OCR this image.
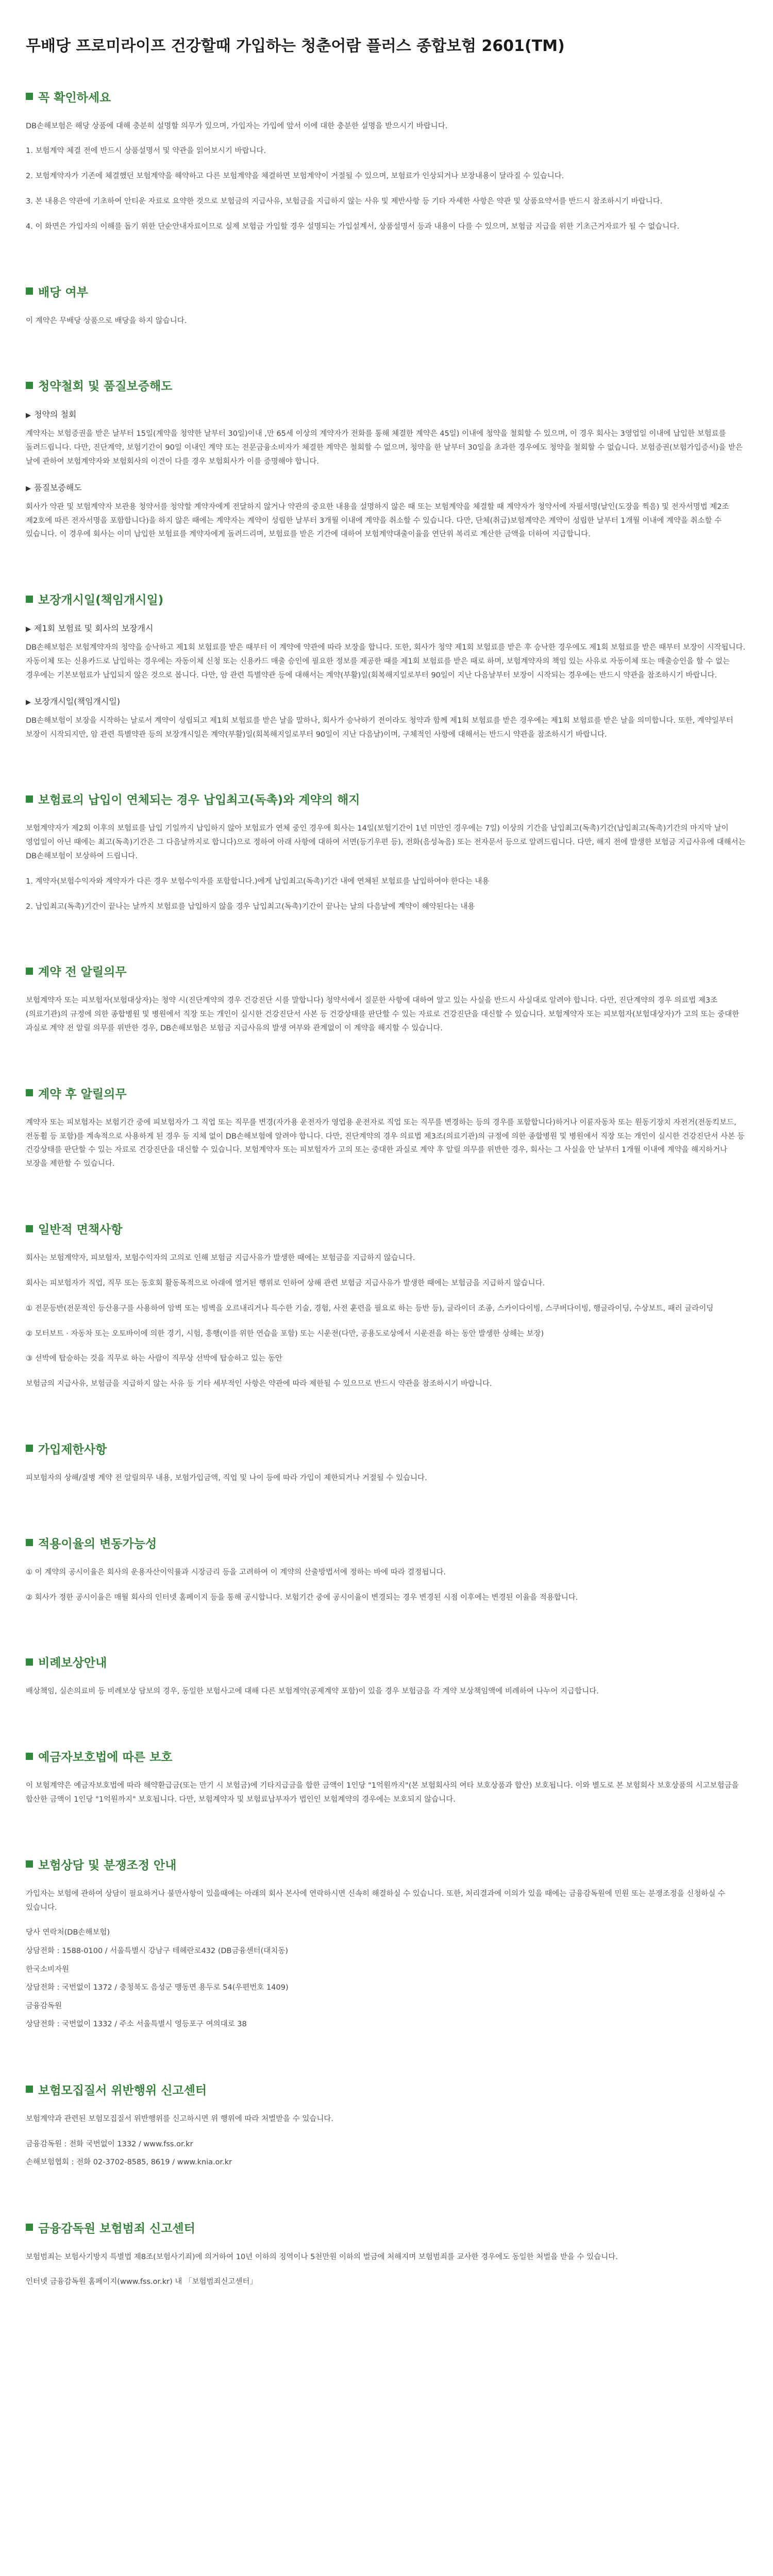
무배당 프로미라이프 건강할때 가입하는 청춘어람 플러스 종합보험 2601(TM)
꼭 확인하세요

DB손해보험은 해당 상품에 대해 충분히 설명할 의무가 있으며, 가입자는 가입에 앞서 이에 대한 충분한 설명을 받으시기 바랍니다.

1. 보험계약 체결 전에 반드시 상품설명서 및 약관을 읽어보시기 바랍니다.

2. 보험계약자가 기존에 체결했던 보험계약을 해약하고 다른 보험계약을 체결하면 보험계약이 거절될 수 있으며, 보험료가 인상되거나 보장내용이 달라질 수 있습니다.

3. 본 내용은 약관에 기초하여 안티운 자료로 요약한 것으로 보험금의 지급사유, 보험금을 지급하지 않는 사유 및 제반사항 등 기타 자세한 사항은 약관 및 상품요약서를 반드시 참조하시기 바랍니다.

4. 이 화면은 가입자의 이해를 돕기 위한 단순안내자료이므로 실제 보험금 가입할 경우 설명되는 가입설계서, 상품설명서 등과 내용이 다를 수 있으며, 보험금 지급을 위한 기초근거자료가 될 수 없습니다.

배당 여부

이 계약은 무배당 상품으로 배당을 하지 않습니다.

청약철회 및 품질보증해도
▶ 청약의 철회

계약자는 보험증권을 받은 날부터 15일(계약을 청약한 날부터 30일)이내 ,만 65세 이상의 계약자가 전화를 통해 체결한 계약은 45일) 이내에 청약을 철회할 수 있으며, 이 경우 회사는 3영업일 이내에 납입한 보험료를 돌려드립니다. 다만, 진단계약, 보험기간이 90일 이내인 계약 또는 전문금융소비자가 체결한 계약은 철회할 수 없으며, 청약을 한 날부터 30일을 초과한 경우에도 청약을 철회할 수 없습니다. 보험증권(보험가입증서)을 받은 날에 관하여 보험계약자와 보험회사의 이견이 다를 경우 보험회사가 이를 증명해야 합니다.

▶ 품질보증해도

회사가 약관 및 보험계약자 보관용 청약서를 청약할 계약자에게 전달하지 않거나 약관의 중요한 내용을 설명하지 않은 때 또는 보험계약을 체결할 때 계약자가 청약서에 자필서명(날인(도장을 찍음) 및 전자서명법 제2조 제2호에 따른 전자서명을 포함합니다)을 하지 않은 때에는 계약자는 계약이 성립한 날부터 3개월 이내에 계약을 취소할 수 있습니다. 다만, 단체(취급)보험계약은 계약이 성립한 날부터 1개월 이내에 계약을 취소할 수 있습니다. 이 경우에 회사는 이미 납입한 보험료를 계약자에게 돌려드리며, 보험료를 받은 기간에 대하여 보험계약대출이율을 연단위 복리로 계산한 금액을 더하여 지급합니다.

보장개시일(책임개시일)
▶ 제1회 보험료 및 회사의 보장개시

DB손해보험은 보험계약자의 청약을 승낙하고 제1회 보험료를 받은 때부터 이 계약에 약관에 따라 보장을 합니다. 또한, 회사가 청약 제1회 보험료를 받은 후 승낙한 경우에도 제1회 보험료를 받은 때부터 보장이 시작됩니다. 자동이체 또는 신용카드로 납입하는 경우에는 자동이체 신청 또는 신용카드 매출 승인에 필요한 정보를 제공한 때를 제1회 보험료를 받은 때로 하며, 보험계약자의 책임 있는 사유로 자동이체 또는 매출승인을 할 수 없는 경우에는 기본보험료가 납입되지 않은 것으로 봅니다. 다만, 암 관련 특별약관 등에 대해서는 계약(부활)일(회복해지일로부터 90일이 지난 다음날부터 보장이 시작되는 경우에는 반드시 약관을 참조하시기 바랍니다.

▶ 보장개시일(책임개시일)

DB손해보험이 보장을 시작하는 날로서 계약이 성립되고 제1회 보험료를 받은 날을 말하나, 회사가 승낙하기 전이라도 청약과 함께 제1회 보험료를 받은 경우에는 제1회 보험료를 받은 날을 의미합니다. 또한, 계약일부터 보장이 시작되지만, 암 관련 특별약관 등의 보장개시일은 계약(부활)일(회복해지일로부터 90일이 지난 다음날)이며, 구체적인 사항에 대해서는 반드시 약관을 참조하시기 바랍니다.

보험료의 납입이 연체되는 경우 납입최고(독촉)와 계약의 해지

보험계약자가 제2회 이후의 보험료를 납입 기일까지 납입하지 않아 보험료가 연체 중인 경우에 회사는 14일(보험기간이 1년 미만인 경우에는 7일) 이상의 기간을 납입최고(독촉)기간(납입최고(독촉)기간의 마지막 날이 영업일이 아닌 때에는 최고(독촉)기간은 그 다음날까지로 합니다)으로 정하여 아래 사항에 대하여 서면(등기우편 등), 전화(음성녹음) 또는 전자문서 등으로 알려드립니다. 다만, 해지 전에 발생한 보험금 지급사유에 대해서는 DB손해보험이 보상하여 드립니다.

1. 계약자(보험수익자와 계약자가 다른 경우 보험수익자를 포함합니다.)에게 납입최고(독촉)기간 내에 연체된 보험료를 납입하여야 한다는 내용

2. 납입최고(독촉)기간이 끝나는 날까지 보험료를 납입하지 않을 경우 납입최고(독촉)기간이 끝나는 날의 다음날에 계약이 해약된다는 내용

계약 전 알릴의무

보험계약자 또는 피보험자(보험대상자)는 청약 시(진단계약의 경우 건강진단 시를 말합니다) 청약서에서 질문한 사항에 대하여 알고 있는 사실을 반드시 사실대로 알려야 합니다. 다만, 진단계약의 경우 의료법 제3조(의료기관)의 규정에 의한 종합병원 및 병원에서 직장 또는 개인이 실시한 건강진단서 사본 등 건강상태를 판단할 수 있는 자료로 건강진단을 대신할 수 있습니다. 보험계약자 또는 피보험자(보험대상자)가 고의 또는 중대한 과실로 계약 전 알릴 의무를 위반한 경우, DB손해보험은 보험금 지급사유의 발생 여부와 관계없이 이 계약을 해지할 수 있습니다.

계약 후 알릴의무

계약자 또는 피보험자는 보험기간 중에 피보험자가 그 직업 또는 직무를 변경(자가용 운전자가 영업용 운전자로 직업 또는 직무를 변경하는 등의 경우를 포함합니다)하거나 이륜자동차 또는 원동기장치 자전거(전동킥보드, 전동휠 등 포함)를 계속적으로 사용하게 된 경우 등 지체 없이 DB손해보험에 알려야 합니다. 다만, 진단계약의 경우 의료법 제3조(의료기관)의 규정에 의한 종합병원 및 병원에서 직장 또는 개인이 실시한 건강진단서 사본 등 건강상태를 판단할 수 있는 자료로 건강진단을 대신할 수 있습니다. 보험계약자 또는 피보험자가 고의 또는 중대한 과실로 계약 후 알릴 의무를 위반한 경우, 회사는 그 사실을 안 날부터 1개월 이내에 계약을 해지하거나 보장을 제한할 수 있습니다.

일반적 면책사항

회사는 보험계약자, 피보험자, 보험수익자의 고의로 인해 보험금 지급사유가 발생한 때에는 보험금을 지급하지 않습니다.

회사는 피보험자가 직업, 직무 또는 동호회 활동목적으로 아래에 열거된 행위로 인하여 상해 관련 보험금 지급사유가 발생한 때에는 보험금을 지급하지 않습니다.

① 전문등반(전문적인 등산용구를 사용하여 암벽 또는 빙벽을 오르내리거나 특수한 기술, 경험, 사전 훈련을 필요로 하는 등반 등), 글라이더 조종, 스카이다이빙, 스쿠버다이빙, 행글라이딩, 수상보트, 패러 글라이딩

② 모터보트 · 자동차 또는 오토바이에 의한 경기, 시험, 흥행(이를 위한 연습을 포함) 또는 시운전(다만, 공용도로상에서 시운전을 하는 동안 발생한 상해는 보장)

③ 선박에 탑승하는 것을 직무로 하는 사람이 직무상 선박에 탑승하고 있는 동안

보험금의 지급사유, 보험금을 지급하지 않는 사유 등 기타 세부적인 사항은 약관에 따라 제한될 수 있으므로 반드시 약관을 참조하시기 바랍니다.

가입제한사항

피보험자의 상해/질병 계약 전 알릴의무 내용, 보험가입금액, 직업 및 나이 등에 따라 가입이 제한되거나 거절될 수 있습니다.

적용이율의 변동가능성

① 이 계약의 공시이율은 회사의 운용자산이익률과 시장금리 등을 고려하여 이 계약의 산출방법서에 정하는 바에 따라 결정됩니다.

② 회사가 정한 공시이율은 매월 회사의 인터넷 홈페이지 등을 통해 공시합니다. 보험기간 중에 공시이율이 변경되는 경우 변경된 시점 이후에는 변경된 이율을 적용합니다.

비례보상안내

배상책임, 실손의료비 등 비례보상 담보의 경우, 동일한 보험사고에 대해 다른 보험계약(공제계약 포함)이 있을 경우 보험금을 각 계약 보상책임액에 비례하여 나누어 지급합니다.

예금자보호법에 따른 보호

이 보험계약은 예금자보호법에 따라 해약환급금(또는 만기 시 보험금)에 기타지급금을 합한 금액이 1인당 "1억원까지"(본 보험회사의 여타 보호상품과 합산) 보호됩니다. 이와 별도로 본 보험회사 보호상품의 시고보험금을 합산한 금액이 1인당 "1억원까지" 보호됩니다. 다만, 보험계약자 및 보험료납부자가 법인인 보험계약의 경우에는 보호되지 않습니다.

보험상담 및 분쟁조정 안내

가입자는 보험에 관하여 상담이 필요하거나 불만사항이 있을때에는 아래의 회사 본사에 연락하시면 신속히 해결하실 수 있습니다. 또한, 처리결과에 이의가 있을 때에는 금융감독원에 민원 또는 분쟁조정을 신청하실 수 있습니다.

당사 연락처(DB손해보험)

상담전화 : 1588-0100 / 서울특별시 강남구 테헤란로432 (DB금융센터(대치동)

한국소비자원

상담전화 : 국번없이 1372 / 충청북도 음성군 맹동면 용두로 54(우편번호 1409)

금융감독원

상담전화 : 국번없이 1332 / 주소 서울특별시 영등포구 여의대로 38

보험모집질서 위반행위 신고센터

보험계약과 관련된 보험모집질서 위반행위를 신고하시면 위 행위에 따라 처벌받을 수 있습니다.

금융감독원 : 전화 국번없이 1332 / www.fss.or.kr

손해보험협회 : 전화 02-3702-8585, 8619 / www.knia.or.kr

금융감독원 보험범죄 신고센터

보험범죄는 보험사기방지 특별법 제8조(보험사기죄)에 의거하여 10년 이하의 징역이나 5천만원 이하의 벌금에 처해지며 보험범죄를 교사한 경우에도 동일한 처벌을 받을 수 있습니다.

인터넷 금융감독원 홈페이지(www.fss.or.kr) 내 「보험범죄신고센터」
